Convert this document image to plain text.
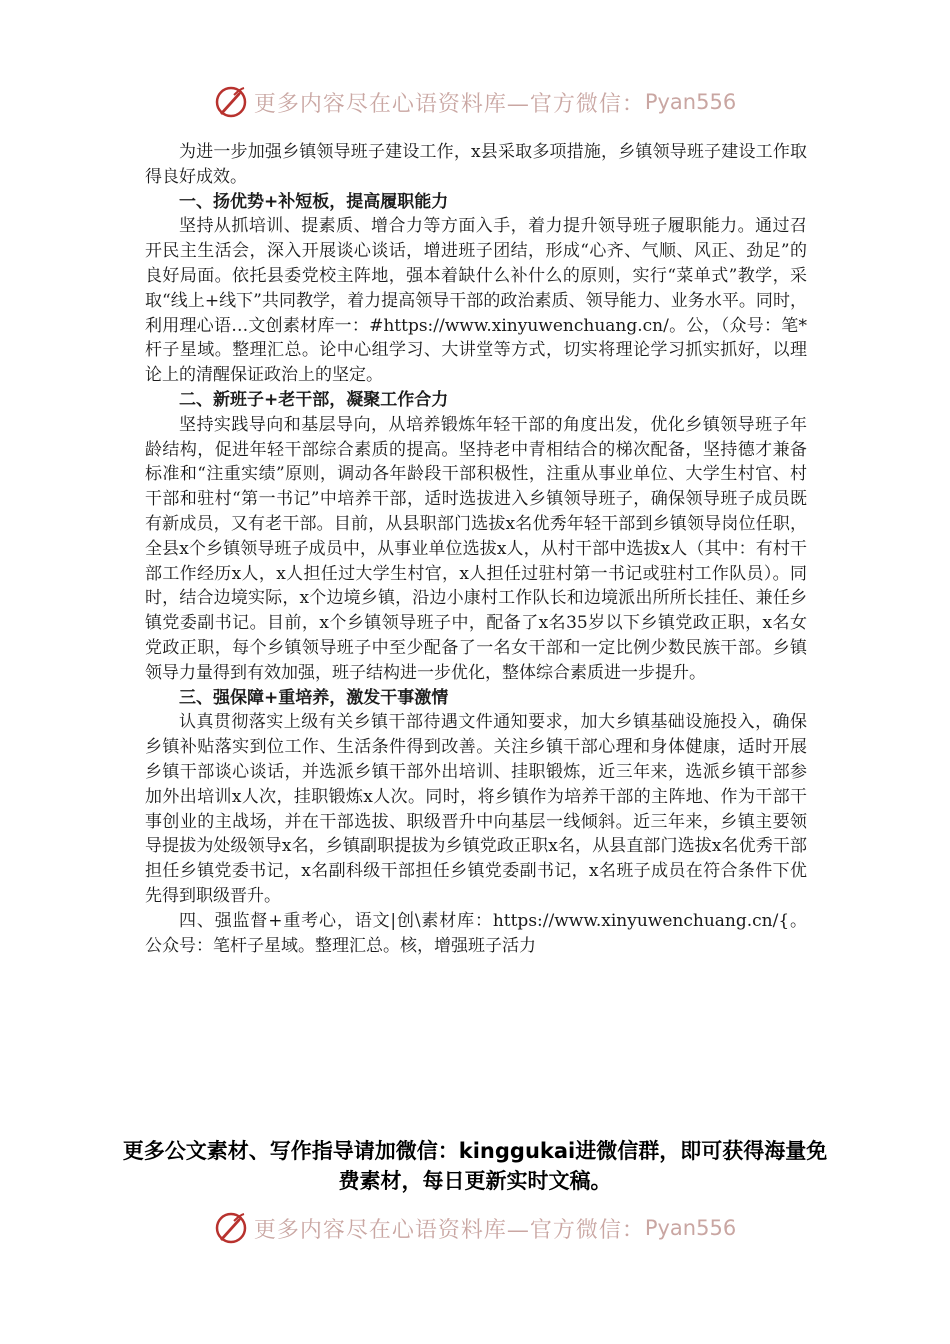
更多内容尽在心语资料库—官方微信： Pyan556

为进一步加强乡镇领导班子建设工作，x县采取多项措施，乡镇领导班子建设工作取得良好成效。

一、扬优势+补短板，提高履职能力

坚持从抓培训、提素质、增合力等方面入手，着力提升领导班子履职能力。通过召开民主生活会，深入开展谈心谈话，增进班子团结，形成“心齐、气顺、风正、劲足”的良好局面。依托县委党校主阵地，强本着缺什么补什么的原则，实行“菜单式”教学，采取“线上+线下”共同教学，着力提高领导干部的政治素质、领导能力、业务水平。同时，利用理心语…文创素材库一：#https://www.xinyuwenchuang.cn/。公，（众号：笔*杆子星域。整理汇总。论中心组学习、大讲堂等方式，切实将理论学习抓实抓好，以理论上的清醒保证政治上的坚定。

二、新班子+老干部，凝聚工作合力

坚持实践导向和基层导向，从培养锻炼年轻干部的角度出发，优化乡镇领导班子年龄结构，促进年轻干部综合素质的提高。坚持老中青相结合的梯次配备，坚持德才兼备标准和“注重实绩”原则，调动各年龄段干部积极性，注重从事业单位、大学生村官、村干部和驻村“第一书记”中培养干部，适时选拔进入乡镇领导班子，确保领导班子成员既有新成员，又有老干部。目前，从县职部门选拔x名优秀年轻干部到乡镇领导岗位任职，全县x个乡镇领导班子成员中，从事业单位选拔x人，从村干部中选拔x人（其中：有村干部工作经历x人，x人担任过大学生村官，x人担任过驻村第一书记或驻村工作队员）。同时，结合边境实际，x个边境乡镇，沿边小康村工作队长和边境派出所所长挂任、兼任乡镇党委副书记。目前，x个乡镇领导班子中，配备了x名35岁以下乡镇党政正职，x名女党政正职，每个乡镇领导班子中至少配备了一名女干部和一定比例少数民族干部。乡镇领导力量得到有效加强，班子结构进一步优化，整体综合素质进一步提升。

三、强保障+重培养，激发干事激情

认真贯彻落实上级有关乡镇干部待遇文件通知要求，加大乡镇基础设施投入，确保乡镇补贴落实到位工作、生活条件得到改善。关注乡镇干部心理和身体健康，适时开展乡镇干部谈心谈话，并选派乡镇干部外出培训、挂职锻炼，近三年来，选派乡镇干部参加外出培训x人次，挂职锻炼x人次。同时，将乡镇作为培养干部的主阵地、作为干部干事创业的主战场，并在干部选拔、职级晋升中向基层一线倾斜。近三年来，乡镇主要领导提拔为处级领导x名，乡镇副职提拔为乡镇党政正职x名，从县直部门选拔x名优秀干部担任乡镇党委书记，x名副科级干部担任乡镇党委副书记，x名班子成员在符合条件下优先得到职级晋升。

四、强监督+重考心，语文|创\素材库：https://www.xinyuwenchuang.cn/{。公众号：笔杆子星域。整理汇总。核，增强班子活力

更多公文素材、写作指导请加微信：kinggukai进微信群，即可获得海量免费素材，每日更新实时文稿。

更多内容尽在心语资料库—官方微信： Pyan556
